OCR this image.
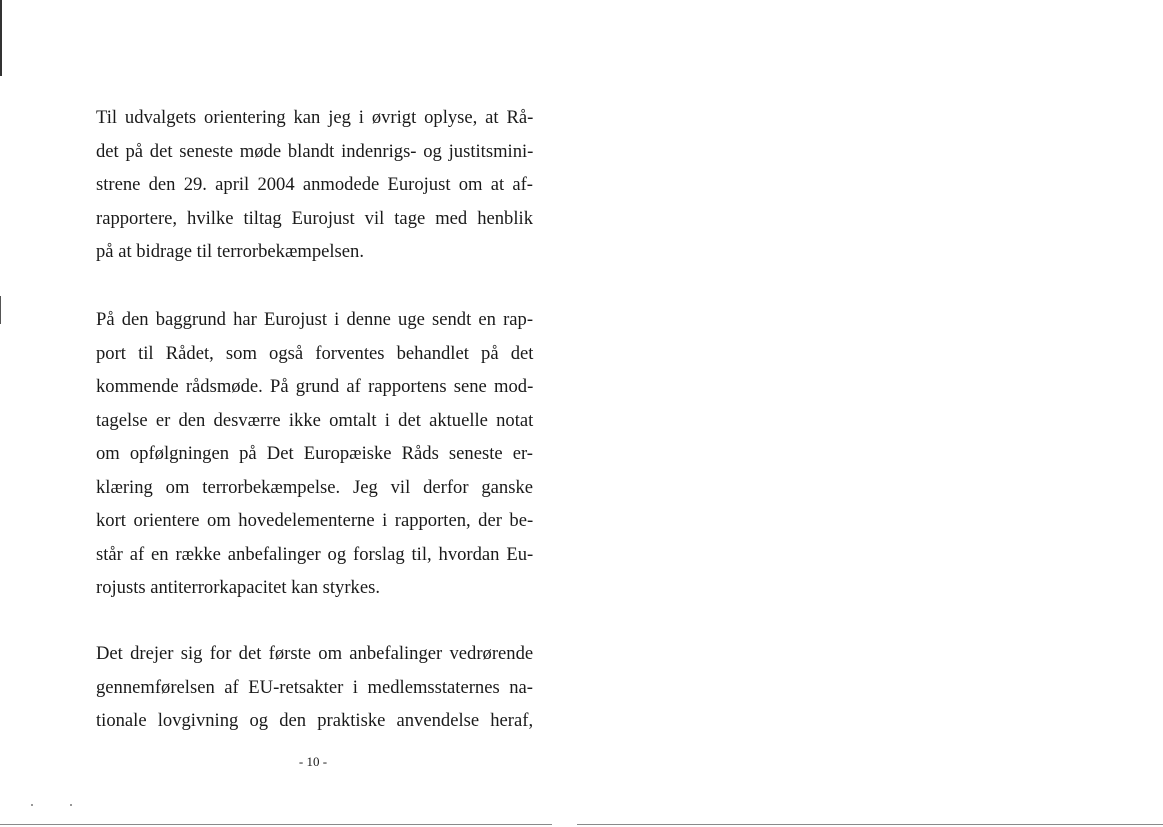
Til udvalgets orientering kan jeg i øvrigt oplyse, at Rå-
det på det seneste møde blandt indenrigs- og justitsmini-
strene den 29. april 2004 anmodede Eurojust om at af-
rapportere, hvilke tiltag Eurojust vil tage med henblik
på at bidrage til terrorbekæmpelsen.
På den baggrund har Eurojust i denne uge sendt en rap-
port til Rådet, som også forventes behandlet på det
kommende rådsmøde. På grund af rapportens sene mod-
tagelse er den desværre ikke omtalt i det aktuelle notat
om opfølgningen på Det Europæiske Råds seneste er-
klæring om terrorbekæmpelse. Jeg vil derfor ganske
kort orientere om hovedelementerne i rapporten, der be-
står af en række anbefalinger og forslag til, hvordan Eu-
rojusts antiterrorkapacitet kan styrkes.
Det drejer sig for det første om anbefalinger vedrørende
gennemførelsen af EU-retsakter i medlemsstaternes na-
tionale lovgivning og den praktiske anvendelse heraf,
- 10 -
